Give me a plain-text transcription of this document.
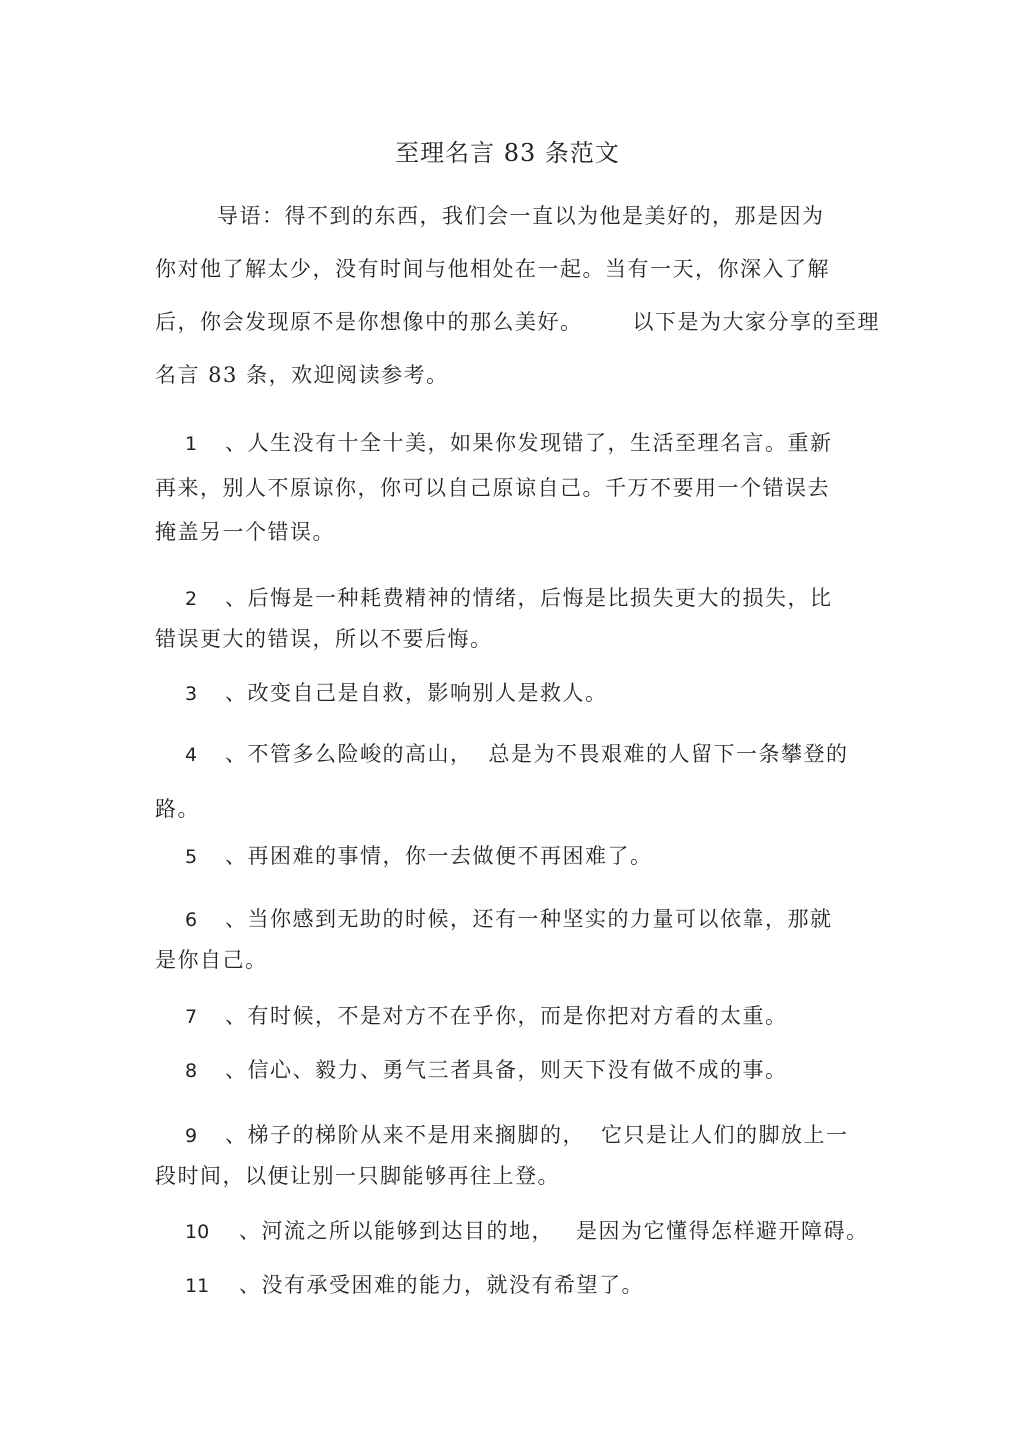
至理名言 83 条范文
导语：得不到的东西，我们会一直以为他是美好的，那是因为
你对他了解太少，没有时间与他相处在一起。当有一天，你深入了解
后，你会发现原不是你想像中的那么美好。 以下是为大家分享的至理
名言 83 条，欢迎阅读参考。
1 、人生没有十全十美，如果你发现错了，生活至理名言。重新
再来，别人不原谅你，你可以自己原谅自己。千万不要用一个错误去
掩盖另一个错误。
2 、后悔是一种耗费精神的情绪，后悔是比损失更大的损失，比
错误更大的错误，所以不要后悔。
3 、改变自己是自救，影响别人是救人。
4 、不管多么险峻的高山， 总是为不畏艰难的人留下一条攀登的
路。
5 、再困难的事情，你一去做便不再困难了。
6 、当你感到无助的时候，还有一种坚实的力量可以依靠，那就
是你自己。
7 、有时候，不是对方不在乎你，而是你把对方看的太重。
8 、信心、毅力、勇气三者具备，则天下没有做不成的事。
9 、梯子的梯阶从来不是用来搁脚的， 它只是让人们的脚放上一
段时间，以便让别一只脚能够再往上登。
10 、河流之所以能够到达目的地， 是因为它懂得怎样避开障碍。
11 、没有承受困难的能力，就没有希望了。
